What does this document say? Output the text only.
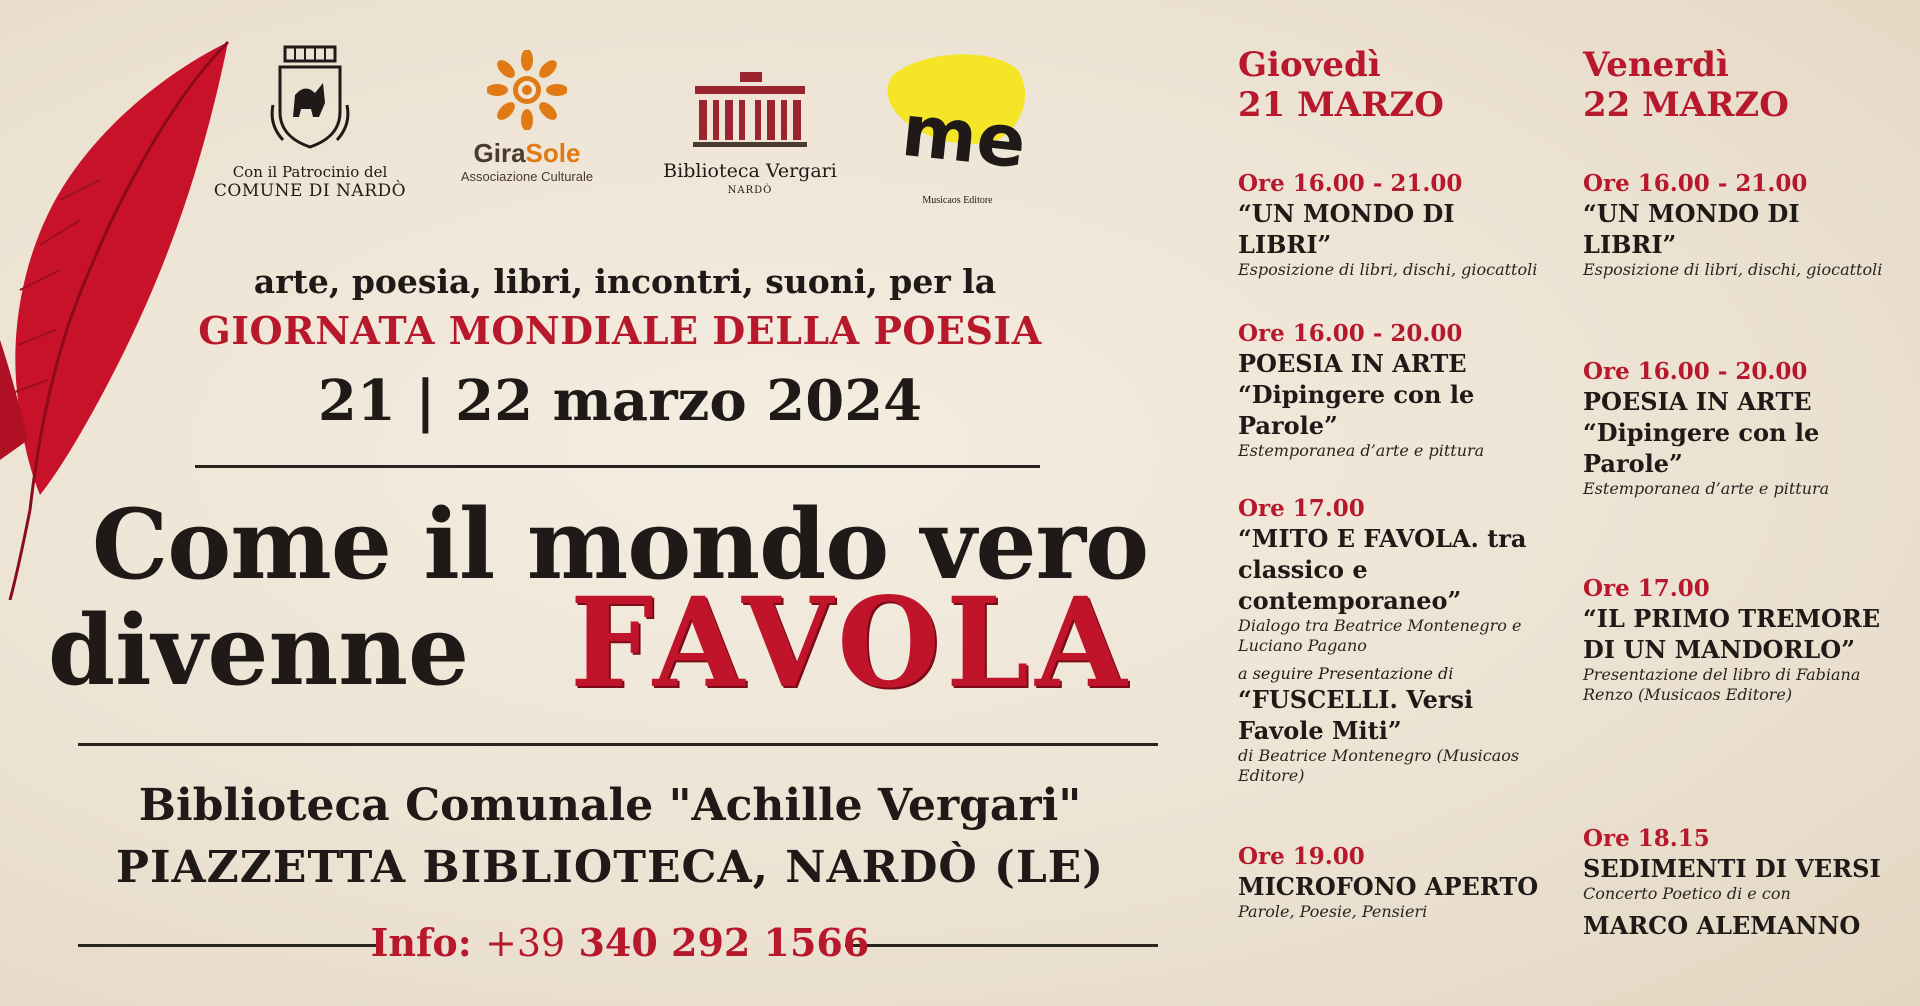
Con il Patrocinio del
COMUNE DI NARDÒ
GiraSole
Associazione Culturale	Biblioteca Vergari
NARDÒ
me
Musicaos Editore
arte, poesia, libri, incontri, suoni, per la
GIORNATA MONDIALE DELLA POESIA
21 | 22 marzo 2024
Come il mondo vero
divenne FAVOLA
Biblioteca Comunale "Achille Vergari"
PIAZZETTA BIBLIOTECA, NARDÒ (LE)
Info: +39 340 292 1566
Giovedì
21 MARZO
Ore 16.00 - 21.00
“UN MONDO DI LIBRI”
Esposizione di libri, dischi, giocattoli
Ore 16.00 - 20.00
POESIA IN ARTE “Dipingere con le Parole”
Estemporanea d’arte e pittura
Ore 17.00
“MITO E FAVOLA. tra classico e contemporaneo”
Dialogo tra Beatrice Montenegro e Luciano Pagano
a seguire Presentazione di
“FUSCELLI. Versi Favole Miti”
di Beatrice Montenegro (Musicaos Editore)
Ore 19.00
MICROFONO APERTO
Parole, Poesie, Pensieri
Venerdì
22 MARZO
Ore 16.00 - 21.00
“UN MONDO DI LIBRI”
Esposizione di libri, dischi, giocattoli
Ore 16.00 - 20.00
POESIA IN ARTE “Dipingere con le Parole”
Estemporanea d’arte e pittura
Ore 17.00
“IL PRIMO TREMORE DI UN MANDORLO”
Presentazione del libro di Fabiana Renzo (Musicaos Editore)
Ore 18.15
SEDIMENTI DI VERSI
Concerto Poetico di e con
MARCO ALEMANNO
